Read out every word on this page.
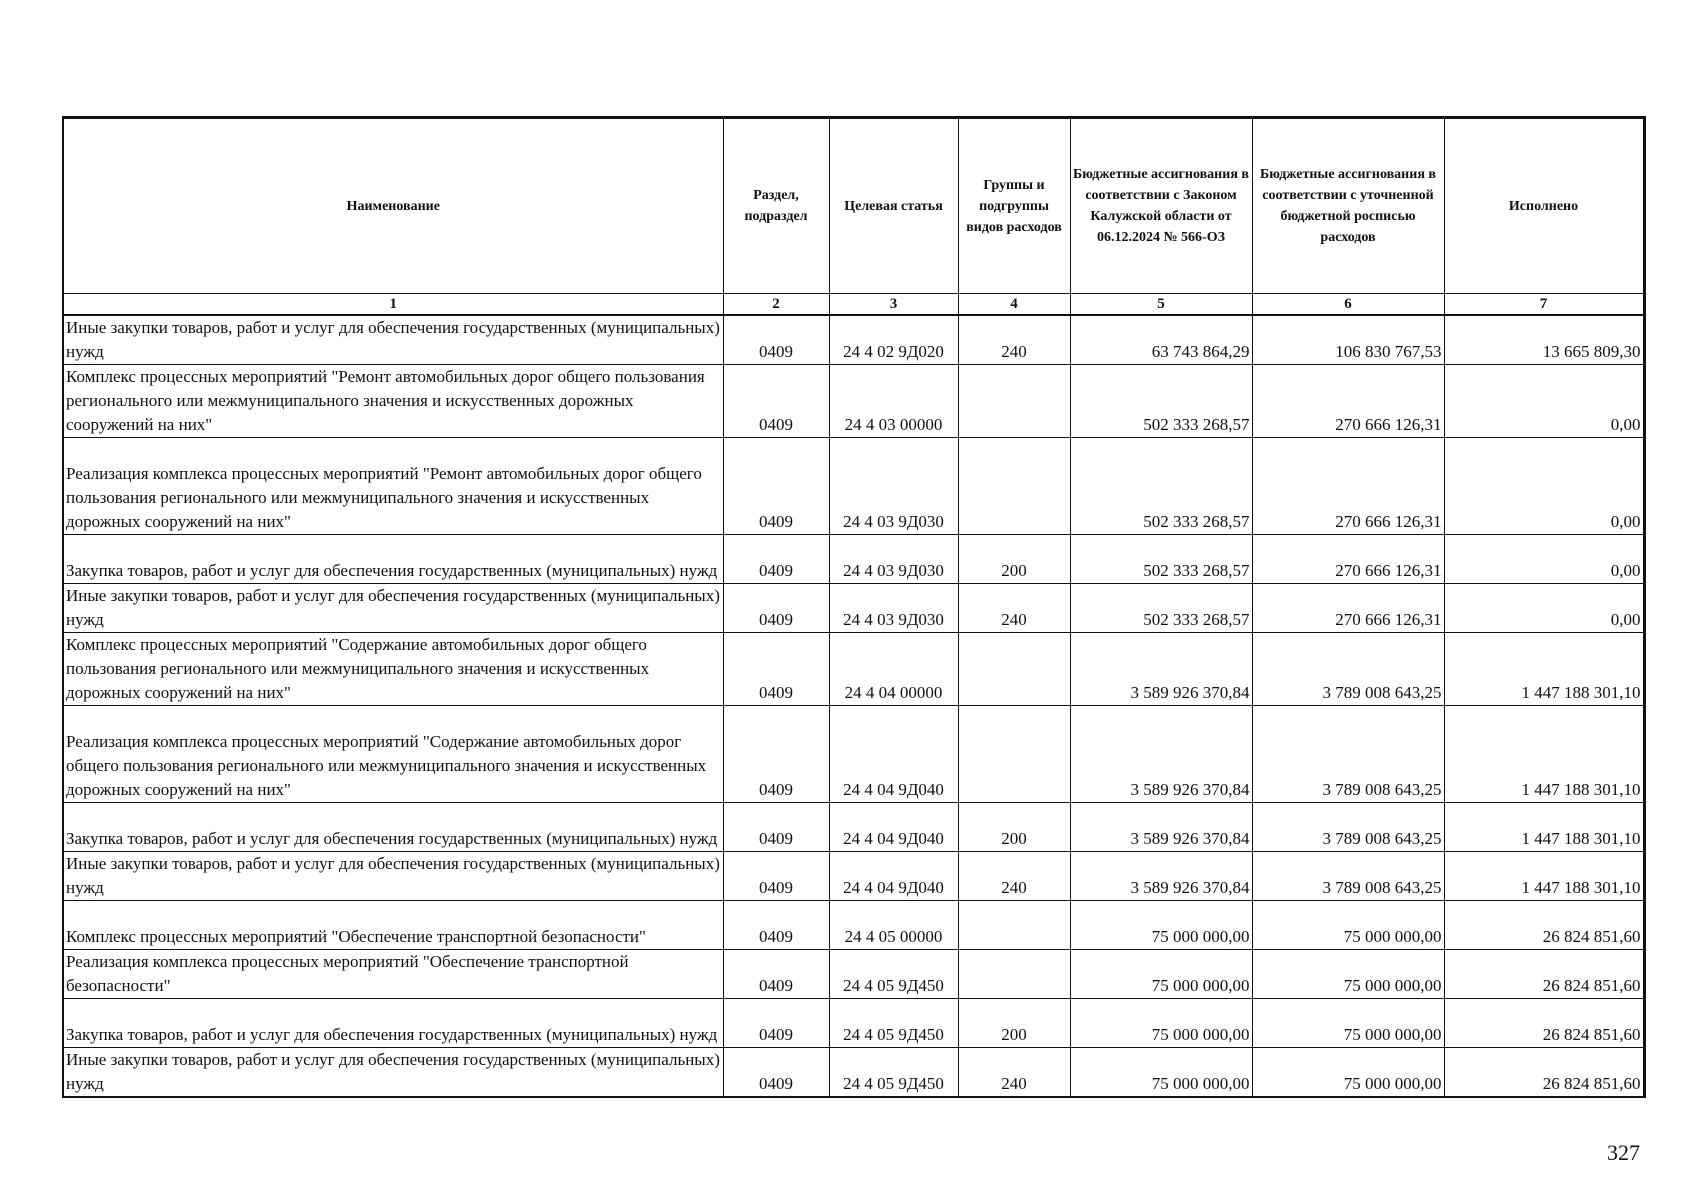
Наименование	Раздел, подраздел	Целевая статья	Группы и подгруппы видов расходов	Бюджетные ассигнования в соответствии с Законом Калужской области от 06.12.2024 № 566-ОЗ	Бюджетные ассигнования в соответствии с уточненной бюджетной росписью расходов	Исполнено
1	2	3	4	5	6	7
Иные закупки товаров, работ и услуг для обеспечения государственных (муниципальных) нужд	0409	24 4 02 9Д020	240	63 743 864,29	106 830 767,53	13 665 809,30
Комплекс процессных мероприятий "Ремонт автомобильных дорог общего пользования регионального или межмуниципального значения и искусственных дорожных сооружений на них"	0409	24 4 03 00000		502 333 268,57	270 666 126,31	0,00
Реализация комплекса процессных мероприятий "Ремонт автомобильных дорог общего пользования регионального или межмуниципального значения и искусственных дорожных сооружений на них"	0409	24 4 03 9Д030		502 333 268,57	270 666 126,31	0,00
Закупка товаров, работ и услуг для обеспечения государственных (муниципальных) нужд	0409	24 4 03 9Д030	200	502 333 268,57	270 666 126,31	0,00
Иные закупки товаров, работ и услуг для обеспечения государственных (муниципальных) нужд	0409	24 4 03 9Д030	240	502 333 268,57	270 666 126,31	0,00
Комплекс процессных мероприятий "Содержание автомобильных дорог общего пользования регионального или межмуниципального значения и искусственных дорожных сооружений на них"	0409	24 4 04 00000		3 589 926 370,84	3 789 008 643,25	1 447 188 301,10
Реализация комплекса процессных мероприятий "Содержание автомобильных дорог общего пользования регионального или межмуниципального значения и искусственных дорожных сооружений на них"	0409	24 4 04 9Д040		3 589 926 370,84	3 789 008 643,25	1 447 188 301,10
Закупка товаров, работ и услуг для обеспечения государственных (муниципальных) нужд	0409	24 4 04 9Д040	200	3 589 926 370,84	3 789 008 643,25	1 447 188 301,10
Иные закупки товаров, работ и услуг для обеспечения государственных (муниципальных) нужд	0409	24 4 04 9Д040	240	3 589 926 370,84	3 789 008 643,25	1 447 188 301,10
Комплекс процессных мероприятий "Обеспечение транспортной безопасности"	0409	24 4 05 00000		75 000 000,00	75 000 000,00	26 824 851,60
Реализация комплекса процессных мероприятий "Обеспечение транспортной безопасности"	0409	24 4 05 9Д450		75 000 000,00	75 000 000,00	26 824 851,60
Закупка товаров, работ и услуг для обеспечения государственных (муниципальных) нужд	0409	24 4 05 9Д450	200	75 000 000,00	75 000 000,00	26 824 851,60
Иные закупки товаров, работ и услуг для обеспечения государственных (муниципальных) нужд	0409	24 4 05 9Д450	240	75 000 000,00	75 000 000,00	26 824 851,60
327
